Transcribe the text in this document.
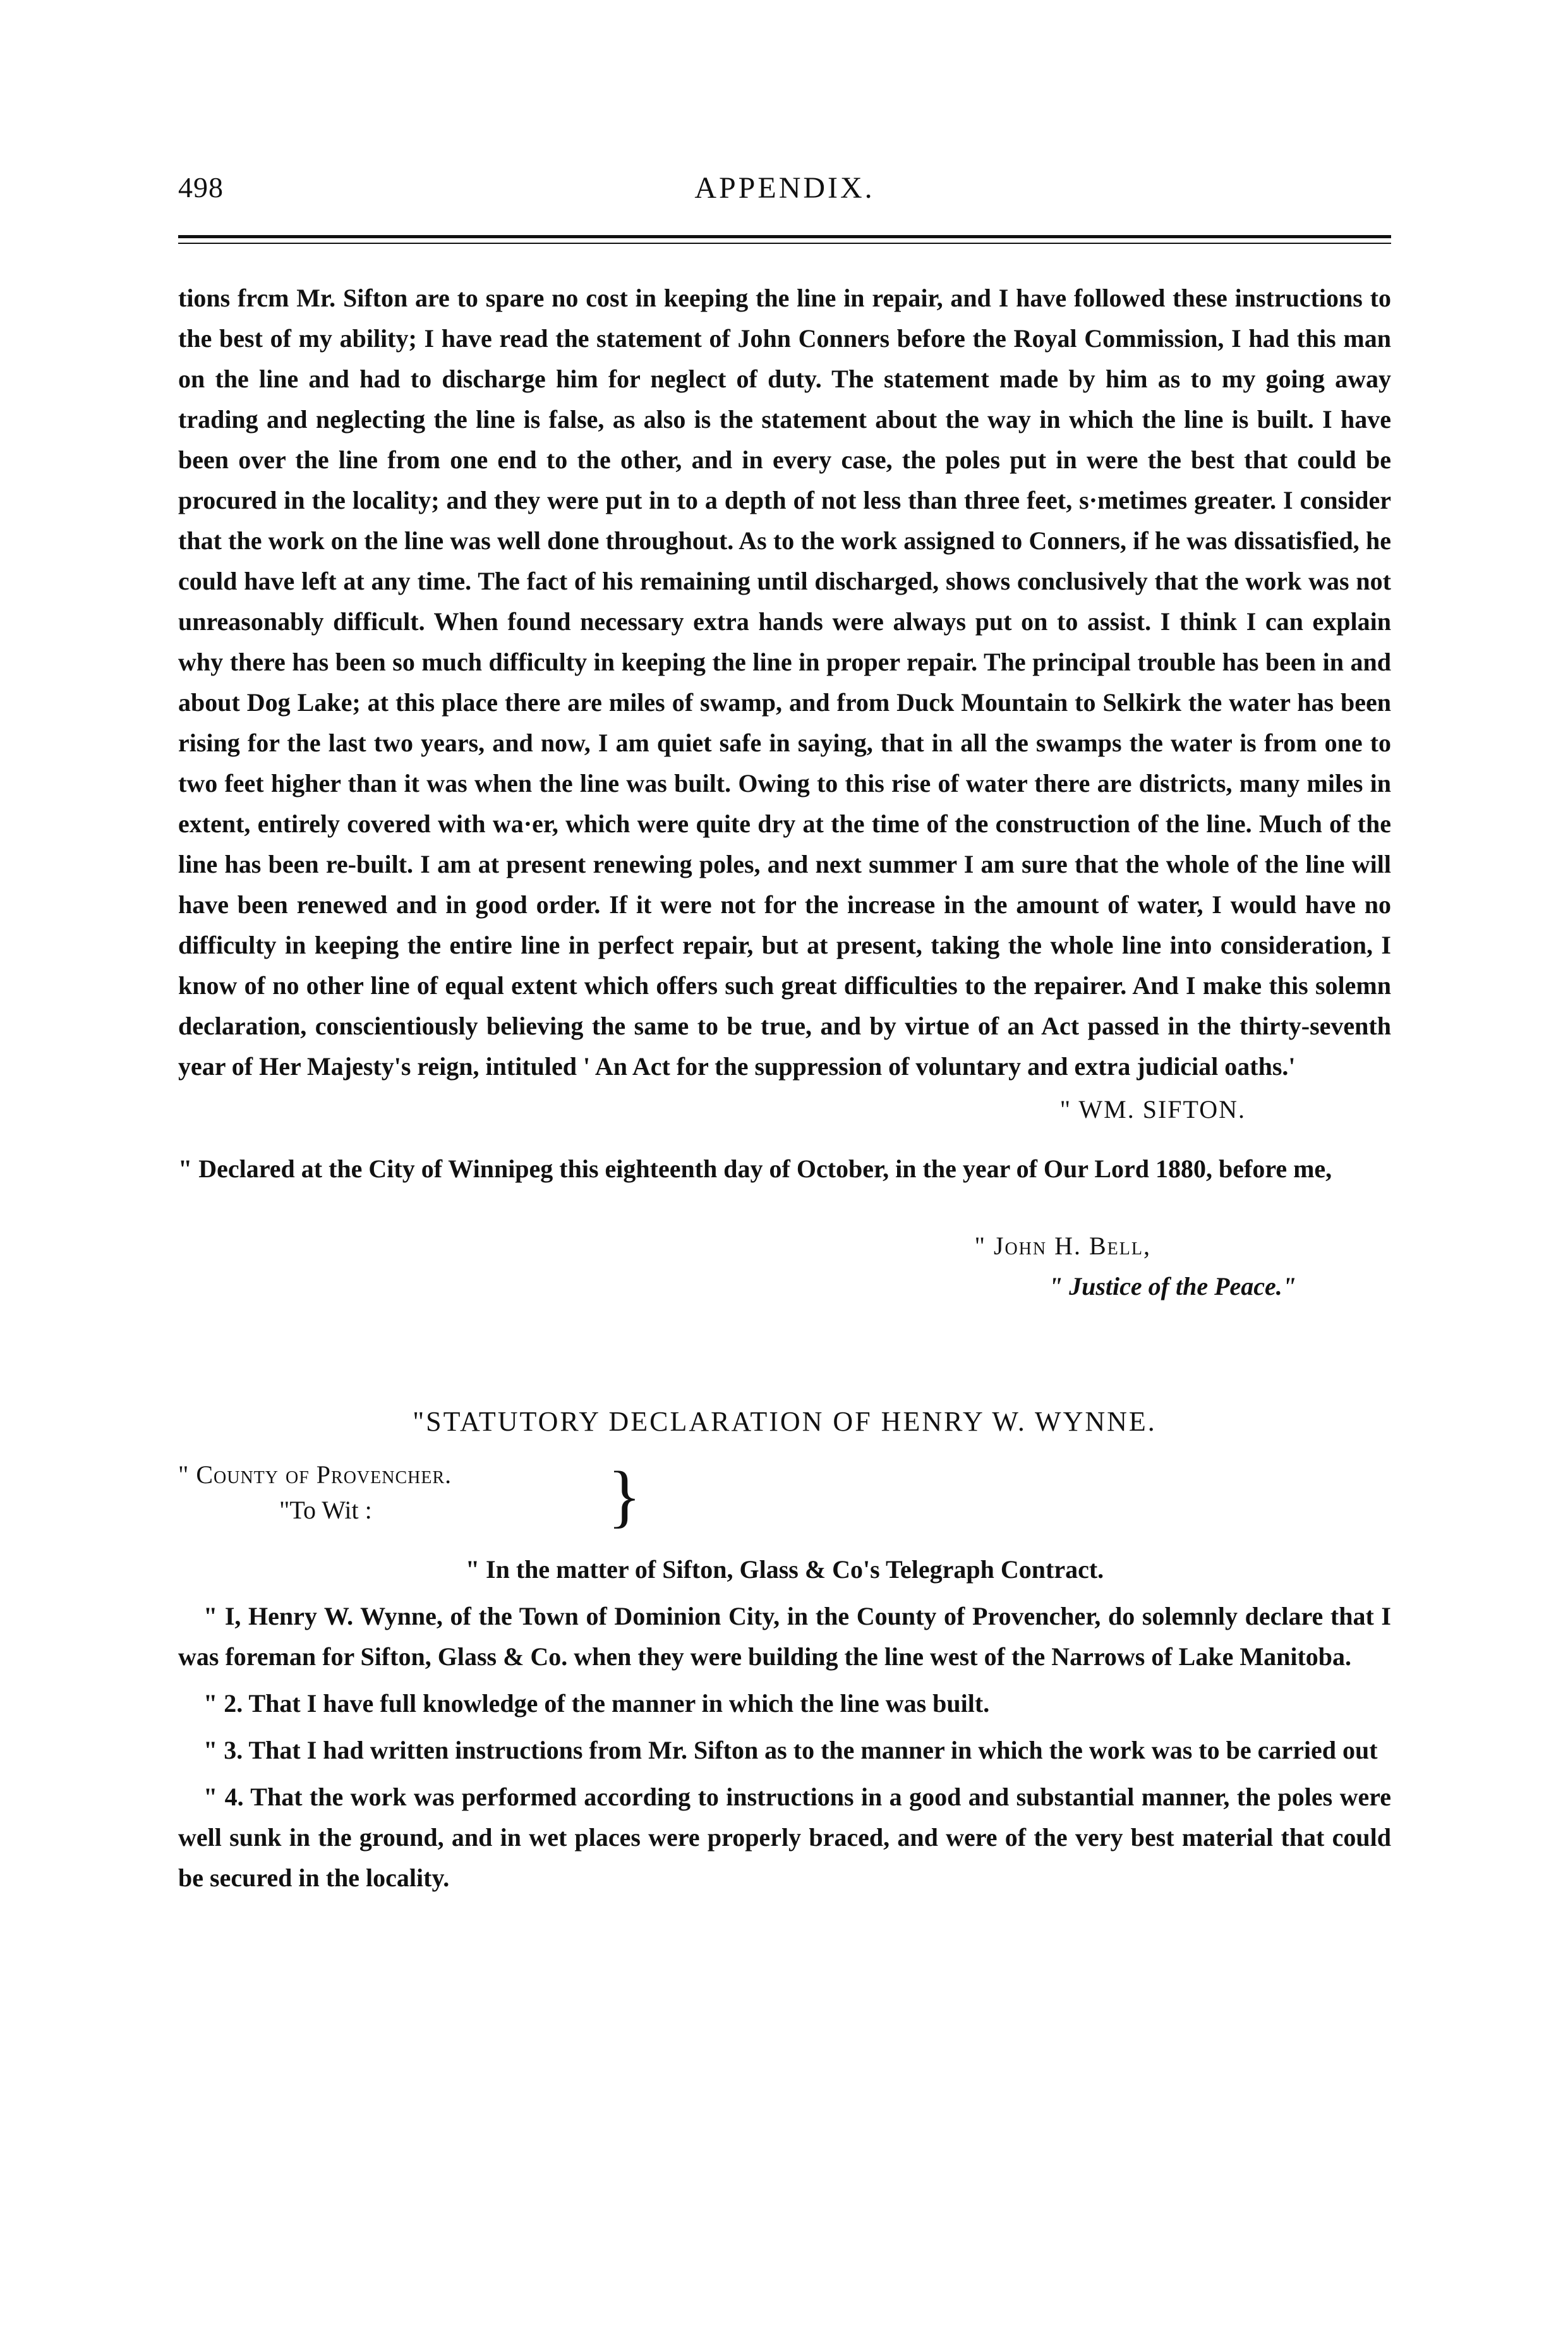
498	APPENDIX.

tions frcm Mr. Sifton are to spare no cost in keeping the line in repair, and I have followed these instructions to the best of my ability; I have read the statement of John Conners before the Royal Commission, I had this man on the line and had to discharge him for neglect of duty. The statement made by him as to my going away trading and neglecting the line is false, as also is the statement about the way in which the line is built. I have been over the line from one end to the other, and in every case, the poles put in were the best that could be procured in the locality; and they were put in to a depth of not less than three feet, s·metimes greater. I consider that the work on the line was well done throughout. As to the work assigned to Conners, if he was dissatisfied, he could have left at any time. The fact of his remaining until discharged, shows conclusively that the work was not unreasonably difficult. When found necessary extra hands were always put on to assist. I think I can explain why there has been so much difficulty in keeping the line in proper repair. The principal trouble has been in and about Dog Lake; at this place there are miles of swamp, and from Duck Mountain to Selkirk the water has been rising for the last two years, and now, I am quiet safe in saying, that in all the swamps the water is from one to two feet higher than it was when the line was built. Owing to this rise of water there are districts, many miles in extent, entirely covered with wa·er, which were quite dry at the time of the construction of the line. Much of the line has been re-built. I am at present renewing poles, and next summer I am sure that the whole of the line will have been renewed and in good order. If it were not for the increase in the amount of water, I would have no difficulty in keeping the entire line in perfect repair, but at present, taking the whole line into consideration, I know of no other line of equal extent which offers such great difficulties to the repairer. And I make this solemn declaration, conscientiously believing the same to be true, and by virtue of an Act passed in the thirty-seventh year of Her Majesty's reign, intituled ' An Act for the suppression of voluntary and extra judicial oaths.'

" WM. SIFTON.

" Declared at the City of Winnipeg this eighteenth day of October, in the year of Our Lord 1880, before me,

" John H. Bell,

" Justice of the Peace."

"STATUTORY DECLARATION OF HENRY W. WYNNE.

" County of Provencher.
"To Wit :	}

" In the matter of Sifton, Glass & Co's Telegraph Contract.

" I, Henry W. Wynne, of the Town of Dominion City, in the County of Provencher, do solemnly declare that I was foreman for Sifton, Glass & Co. when they were building the line west of the Narrows of Lake Manitoba.

" 2. That I have full knowledge of the manner in which the line was built.

" 3. That I had written instructions from Mr. Sifton as to the manner in which the work was to be carried out

" 4. That the work was performed according to instructions in a good and substantial manner, the poles were well sunk in the ground, and in wet places were properly braced, and were of the very best material that could be secured in the locality.
